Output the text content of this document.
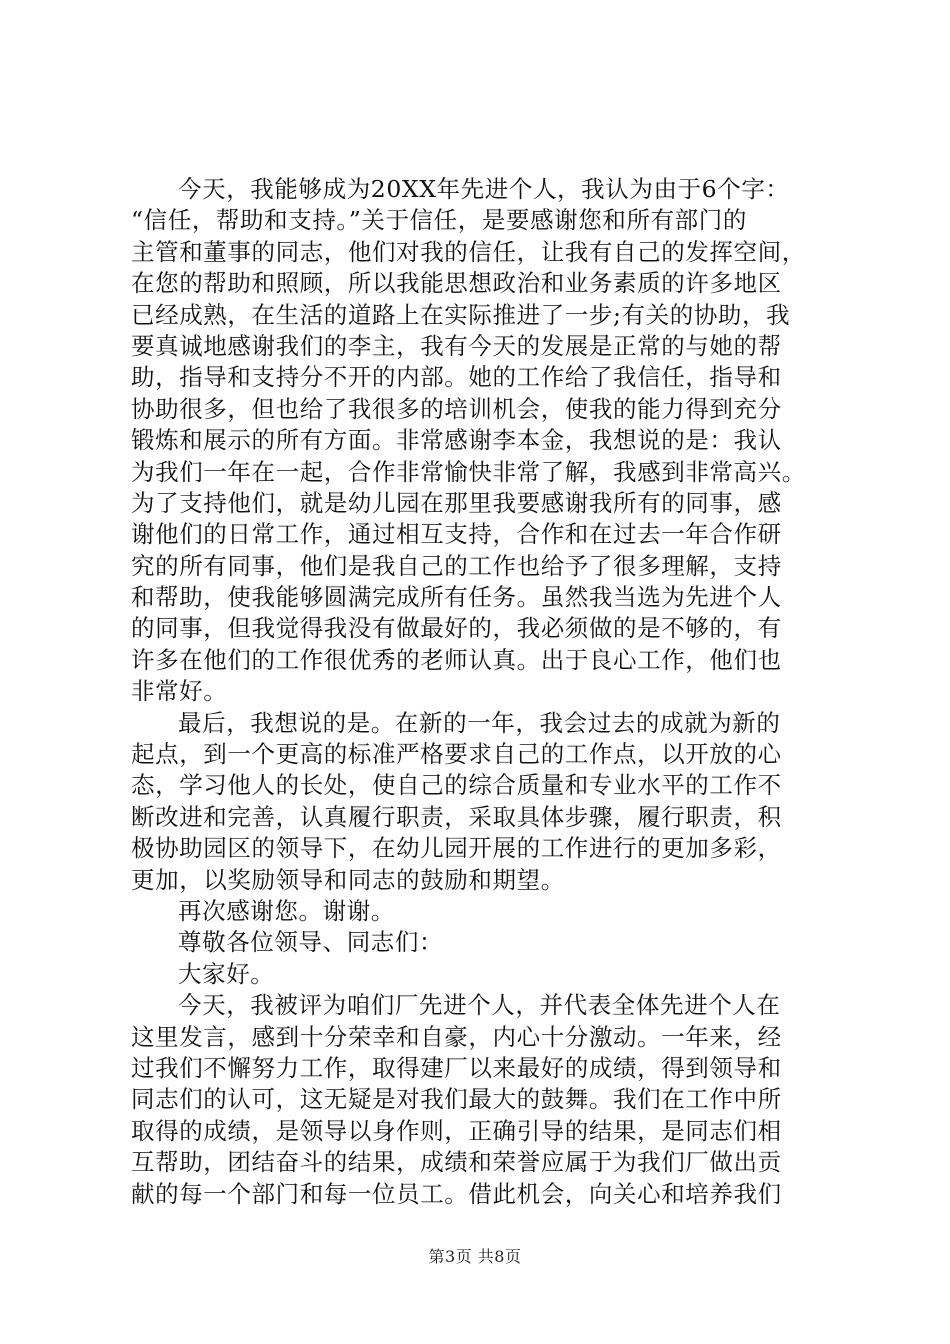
今天，我能够成为20XX年先进个人，我认为由于6个字：
“信任，帮助和支持。”关于信任，是要感谢您和所有部门的
主管和董事的同志，他们对我的信任，让我有自己的发挥空间，
在您的帮助和照顾，所以我能思想政治和业务素质的许多地区
已经成熟，在生活的道路上在实际推进了一步;有关的协助，我
要真诚地感谢我们的李主，我有今天的发展是正常的与她的帮
助，指导和支持分不开的内部。她的工作给了我信任，指导和
协助很多，但也给了我很多的培训机会，使我的能力得到充分
锻炼和展示的所有方面。非常感谢李本金，我想说的是：我认
为我们一年在一起，合作非常愉快非常了解，我感到非常高兴。
为了支持他们，就是幼儿园在那里我要感谢我所有的同事，感
谢他们的日常工作，通过相互支持，合作和在过去一年合作研
究的所有同事，他们是我自己的工作也给予了很多理解，支持
和帮助，使我能够圆满完成所有任务。虽然我当选为先进个人
的同事，但我觉得我没有做最好的，我必须做的是不够的，有
许多在他们的工作很优秀的老师认真。出于良心工作，他们也
非常好。
最后，我想说的是。在新的一年，我会过去的成就为新的
起点，到一个更高的标准严格要求自己的工作点，以开放的心
态，学习他人的长处，使自己的综合质量和专业水平的工作不
断改进和完善，认真履行职责，采取具体步骤，履行职责，积
极协助园区的领导下，在幼儿园开展的工作进行的更加多彩，
更加，以奖励领导和同志的鼓励和期望。
再次感谢您。谢谢。
尊敬各位领导、同志们：
大家好。
今天，我被评为咱们厂先进个人，并代表全体先进个人在
这里发言，感到十分荣幸和自豪，内心十分激动。一年来，经
过我们不懈努力工作，取得建厂以来最好的成绩，得到领导和
同志们的认可，这无疑是对我们最大的鼓舞。我们在工作中所
取得的成绩，是领导以身作则，正确引导的结果，是同志们相
互帮助，团结奋斗的结果，成绩和荣誉应属于为我们厂做出贡
献的每一个部门和每一位员工。借此机会，向关心和培养我们
第3页 共8页
